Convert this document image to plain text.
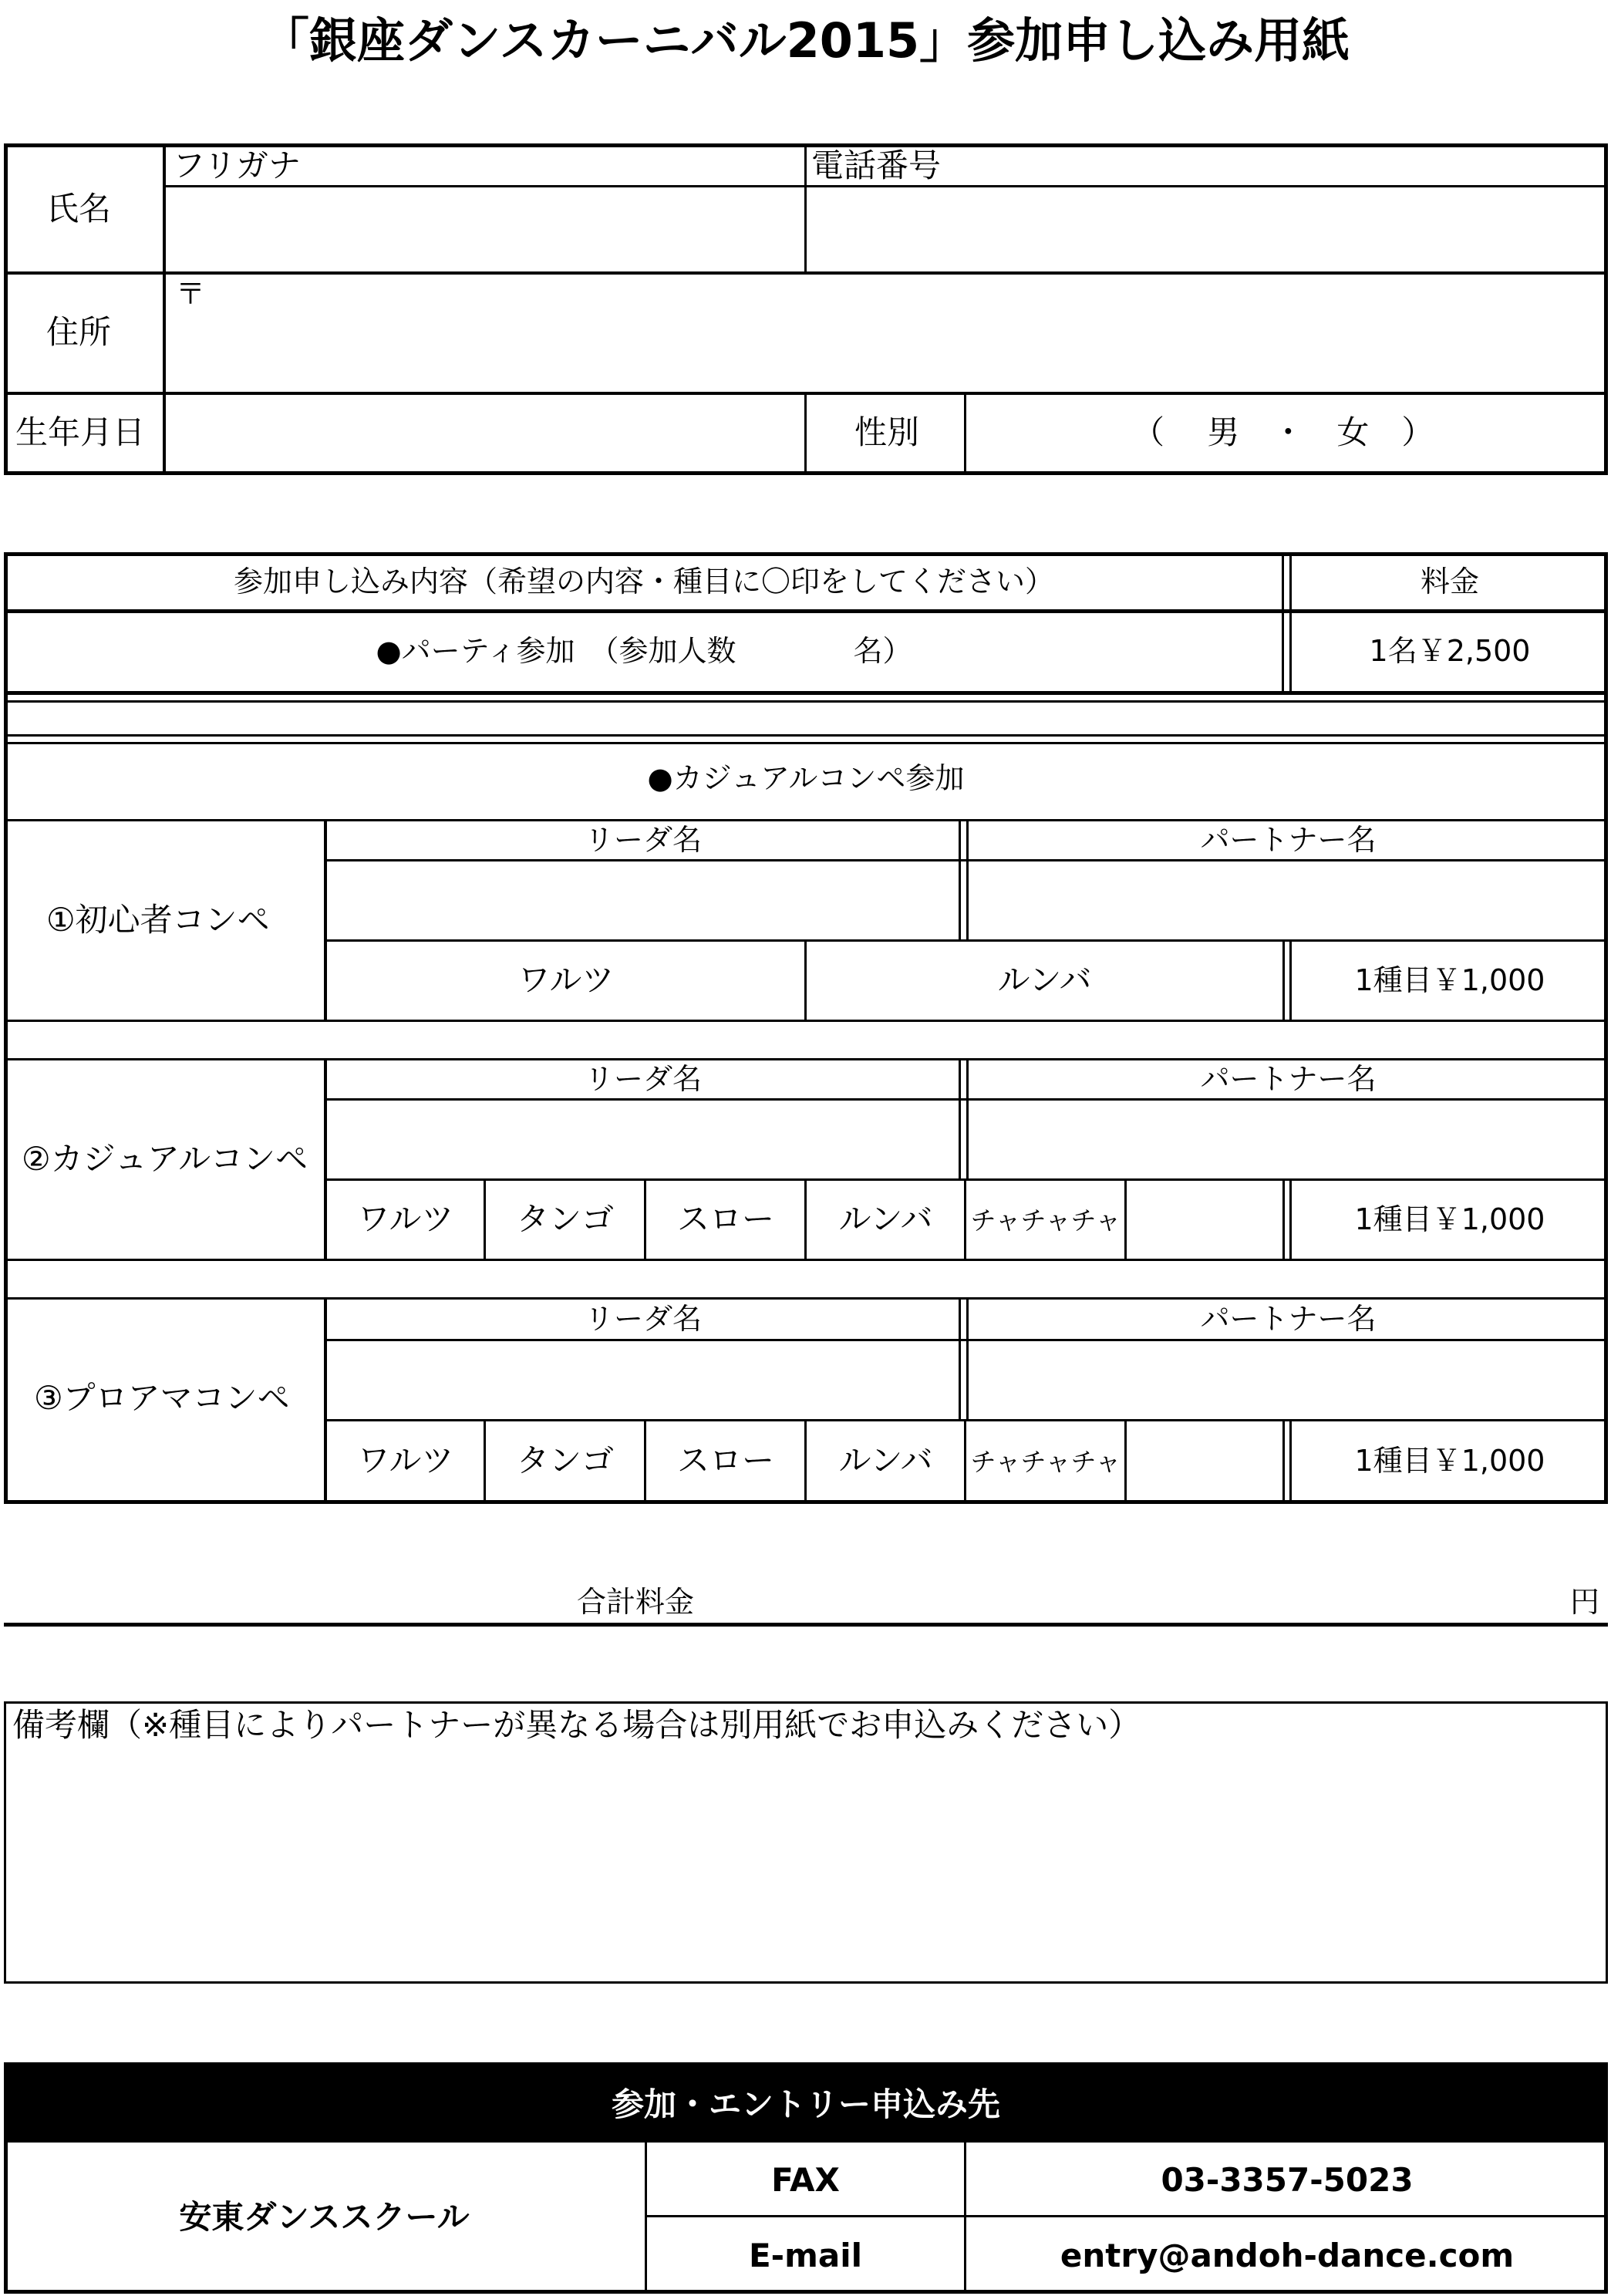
「銀座ダンスカーニバル2015」参加申し込み用紙
氏名
フリガナ	電話番号
住所
〒
生年月日	性別	（　 男　・　女　）
参加申し込み内容（希望の内容・種目に〇印をしてください）	料金
●パーティ参加　（参加人数　　　　名）	1名￥2,500
●カジュアルコンペ参加
①初心者コンペ
リーダ名	パートナー名
ワルツ	ルンバ	1種目￥1,000
②カジュアルコンペ
リーダ名	パートナー名
ワルツ	タンゴ	スロー	ルンバ	チャチャチャ	1種目￥1,000
③プロアマコンペ
リーダ名	パートナー名
ワルツ	タンゴ	スロー	ルンバ	チャチャチャ	1種目￥1,000
合計料金	円
備考欄（※種目によりパートナーが異なる場合は別用紙でお申込みください）
参加・エントリー申込み先
安東ダンススクール
FAX	03-3357-5023
E-mail	entry@andoh-dance.com
